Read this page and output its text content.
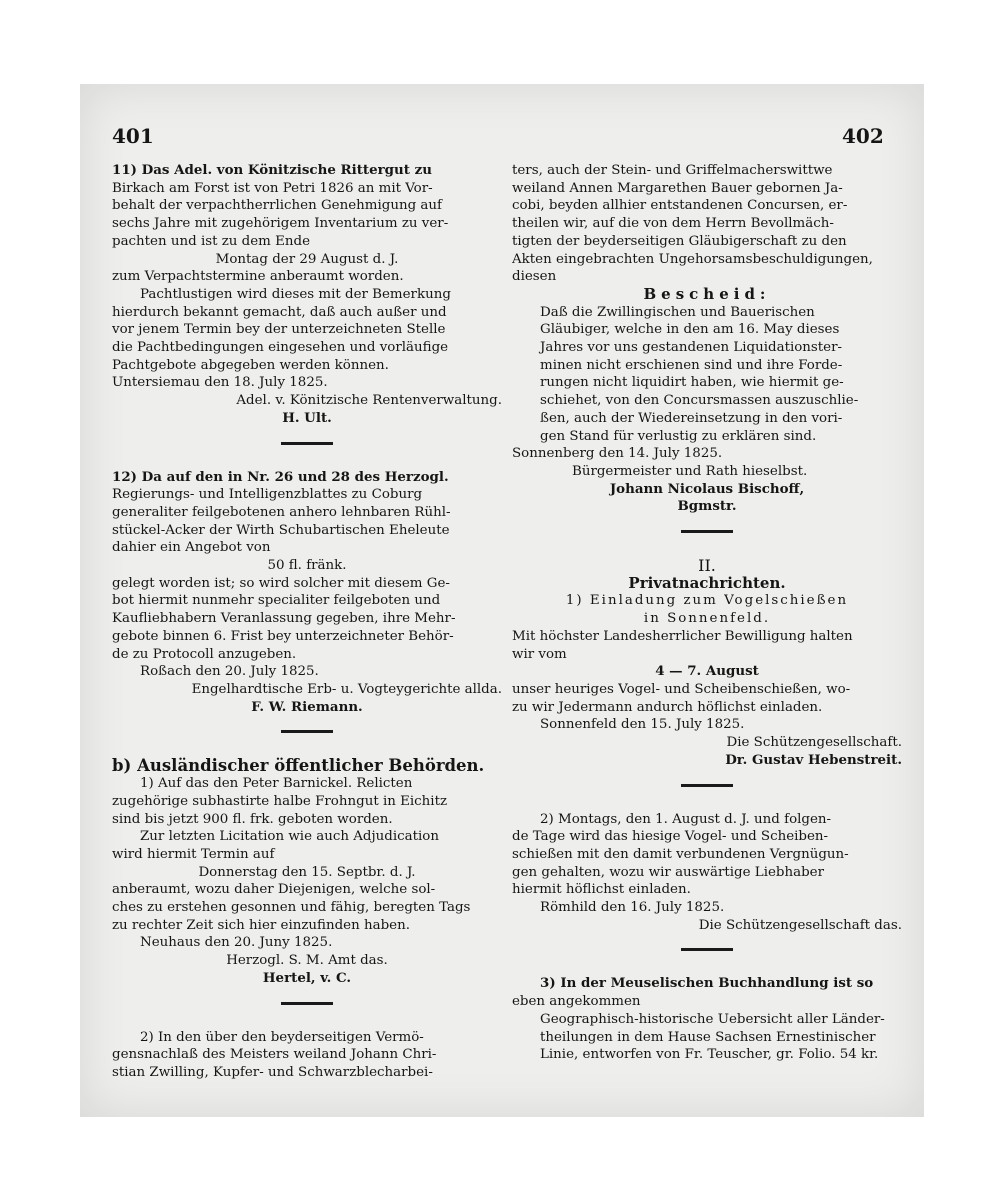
401	402

11) Das Adel. von Könitzische Rittergut zu

Birkach am Forst ist von Petri 1826 an mit Vor-

behalt der verpachtherrlichen Genehmigung auf

sechs Jahre mit zugehörigem Inventarium zu ver-

pachten und ist zu dem Ende

Montag der 29 August d. J.

zum Verpachtstermine anberaumt worden.

Pachtlustigen wird dieses mit der Bemerkung

hierdurch bekannt gemacht, daß auch außer und

vor jenem Termin bey der unterzeichneten Stelle

die Pachtbedingungen eingesehen und vorläufige

Pachtgebote abgegeben werden können.

Untersiemau den 18. July 1825.

Adel. v. Könitzische Rentenverwaltung.

H. Ult.

12) Da auf den in Nr. 26 und 28 des Herzogl.

Regierungs- und Intelligenzblattes zu Coburg

generaliter feilgebotenen anhero lehnbaren Rühl-

stückel-Acker der Wirth Schubartischen Eheleute

dahier ein Angebot von

50 fl. fränk.

gelegt worden ist; so wird solcher mit diesem Ge-

bot hiermit nunmehr specialiter feilgeboten und

Kaufliebhabern Veranlassung gegeben, ihre Mehr-

gebote binnen 6. Frist bey unterzeichneter Behör-

de zu Protocoll anzugeben.

Roßach den 20. July 1825.

Engelhardtische Erb- u. Vogteygerichte allda.

F. W. Riemann.

b) Ausländischer öffentlicher Behörden.

1) Auf das den Peter Barnickel. Relicten

zugehörige subhastirte halbe Frohngut in Eichitz

sind bis jetzt 900 fl. frk. geboten worden.

Zur letzten Licitation wie auch Adjudication

wird hiermit Termin auf

Donnerstag den 15. Septbr. d. J.

anberaumt, wozu daher Diejenigen, welche sol-

ches zu erstehen gesonnen und fähig, beregten Tags

zu rechter Zeit sich hier einzufinden haben.

Neuhaus den 20. Juny 1825.

Herzogl. S. M. Amt das.

Hertel, v. C.

2) In den über den beyderseitigen Vermö-

gensnachlaß des Meisters weiland Johann Chri-

stian Zwilling, Kupfer- und Schwarzblecharbei-

ters, auch der Stein- und Griffelmacherswittwe

weiland Annen Margarethen Bauer gebornen Ja-

cobi, beyden allhier entstandenen Concursen, er-

theilen wir, auf die von dem Herrn Bevollmäch-

tigten der beyderseitigen Gläubigerschaft zu den

Akten eingebrachten Ungehorsamsbeschuldigungen,

diesen

Bescheid:

Daß die Zwillingischen und Bauerischen

Gläubiger, welche in den am 16. May dieses

Jahres vor uns gestandenen Liquidationster-

minen nicht erschienen sind und ihre Forde-

rungen nicht liquidirt haben, wie hiermit ge-

schiehet, von den Concursmassen auszuschlie-

ßen, auch der Wiedereinsetzung in den vori-

gen Stand für verlustig zu erklären sind.

Sonnenberg den 14. July 1825.

Bürgermeister und Rath hieselbst.

Johann Nicolaus Bischoff,

Bgmstr.

II.

Privatnachrichten.

1) Einladung zum Vogelschießen

in Sonnenfeld.

Mit höchster Landesherrlicher Bewilligung halten

wir vom

4 — 7. August

unser heuriges Vogel- und Scheibenschießen, wo-

zu wir Jedermann andurch höflichst einladen.

Sonnenfeld den 15. July 1825.

Die Schützengesellschaft.

Dr. Gustav Hebenstreit.

2) Montags, den 1. August d. J. und folgen-

de Tage wird das hiesige Vogel- und Scheiben-

schießen mit den damit verbundenen Vergnügun-

gen gehalten, wozu wir auswärtige Liebhaber

hiermit höflichst einladen.

Römhild den 16. July 1825.

Die Schützengesellschaft das.

3) In der Meuselischen Buchhandlung ist so

eben angekommen

Geographisch-historische Uebersicht aller Länder-

theilungen in dem Hause Sachsen Ernestinischer

Linie, entworfen von Fr. Teuscher, gr. Folio. 54 kr.
